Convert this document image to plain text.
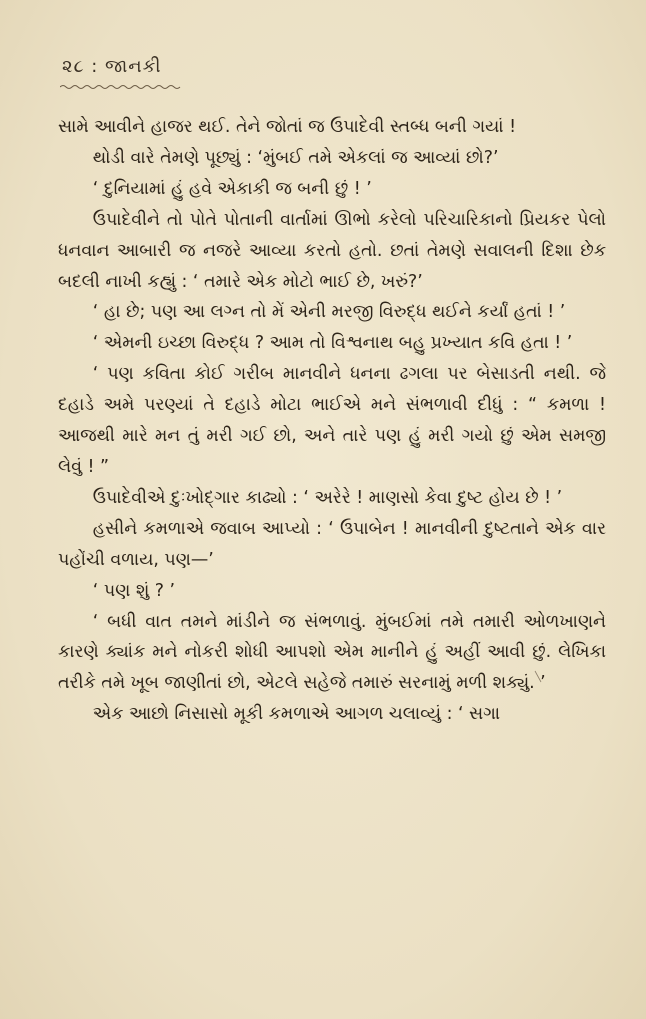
૨૮ : જાનકી

સામે આવીને હાજર થઈ. તેને જોતાં જ ઉપાદેવી સ્તબ્ધ બની ગયાં !

થોડી વારે તેમણે પૂછ્યું : ‘મુંબઈ તમે એકલાં જ આવ્યાં છો?’

‘ દુનિયામાં હું હવે એકાકી જ બની છું ! ’

ઉપાદેવીને તો પોતે પોતાની વાર્તામાં ઊભો કરેલો પરિચારિકાનો પ્રિયકર પેલો ધનવાન આબારી જ નજરે આવ્યા કરતો હતો. છતાં તેમણે સવાલની દિશા છેક બદલી નાખી કહ્યું : ‘ તમારે એક મોટો ભાઈ છે, ખરું?’

‘ હા છે; પણ આ લગ્ન તો મેં એની મરજી વિરુદ્ધ થઈને કર્યાં હતાં ! ’

‘ એમની ઇચ્છા વિરુદ્ધ ? આમ તો વિશ્વનાથ બહુ પ્રખ્યાત કવિ હતા ! ’

‘ પણ કવિતા કોઈ ગરીબ માનવીને ધનના ઢગલા પર બેસાડતી નથી. જે દહાડે અમે પરણ્યાં તે દહાડે મોટા ભાઈએ મને સંભળાવી દીધું : “ કમળા ! આજથી મારે મન તું મરી ગઈ છો, અને તારે પણ હું મરી ગયો છું એમ સમજી લેવું ! ”

ઉપાદેવીએ દુઃખોદ્ગાર કાઢ્યો : ‘ અરેરે ! માણસો કેવા દુષ્ટ હોય છે ! ’

હસીને કમળાએ જવાબ આપ્યો : ‘ ઉપાબેન ! માનવીની દુષ્ટતાને એક વાર પહોંચી વળાય, પણ—’

‘ પણ શું ? ’

‘ બધી વાત તમને માંડીને જ સંભળાવું. મુંબઈમાં તમે તમારી ઓળખાણને કારણે ક્યાંક મને નોકરી શોધી આપશો એમ માનીને હું અહીં આવી છું. લેખિકા તરીકે તમે ખૂબ જાણીતાં છો, એટલે સહેજે તમારું સરનામું મળી શક્યું. ’

એક આછો નિસાસો મૂકી કમળાએ આગળ ચલાવ્યું : ‘ સગા
